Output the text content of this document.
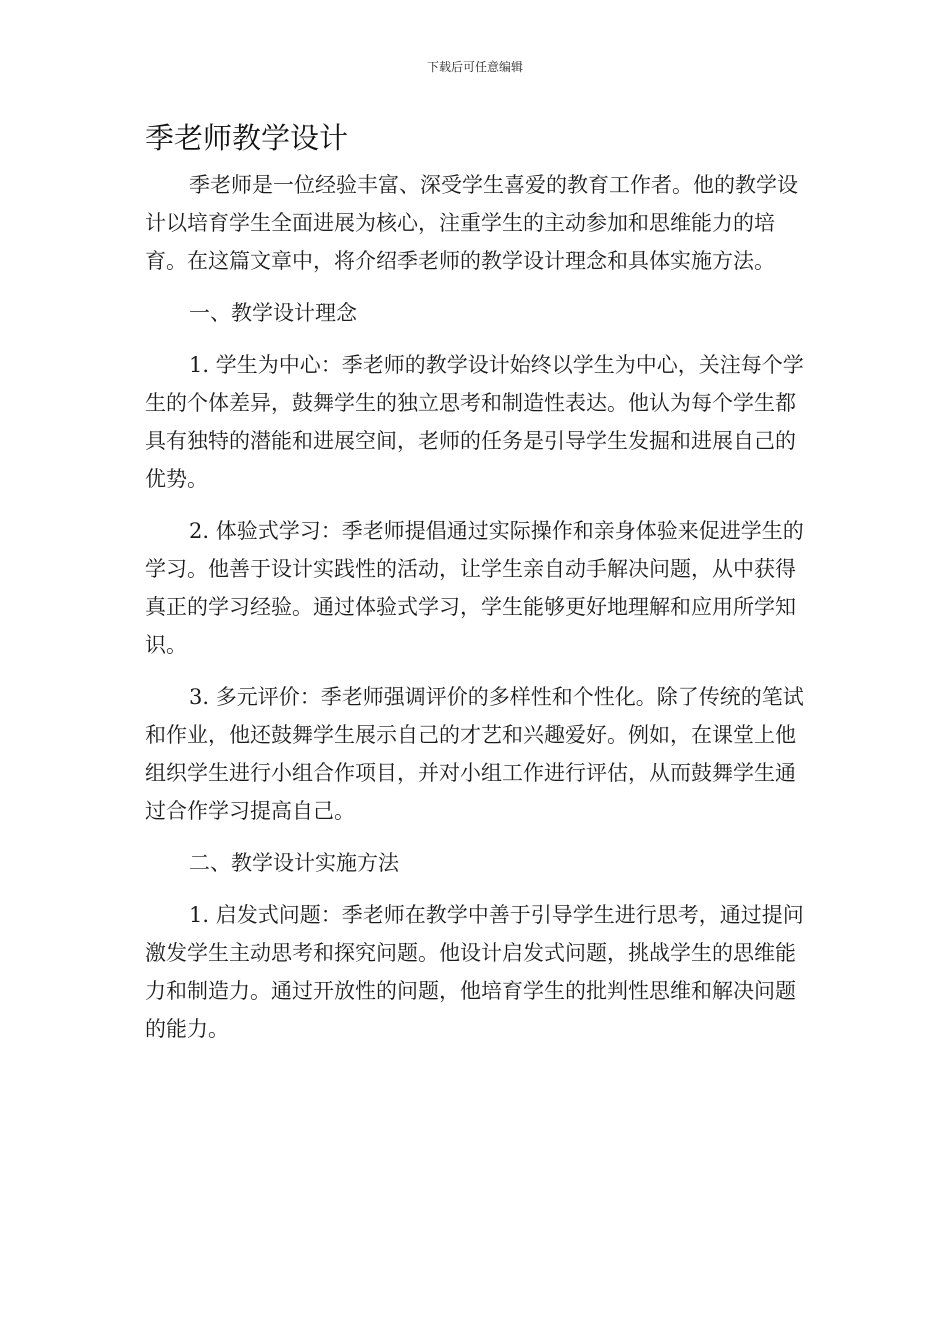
下载后可任意编辑
季老师教学设计

季老师是一位经验丰富、深受学生喜爱的教育工作者。他的教学设计以培育学生全面进展为核心，注重学生的主动参加和思维能力的培育。在这篇文章中，将介绍季老师的教学设计理念和具体实施方法。

一、教学设计理念

1. 学生为中心：季老师的教学设计始终以学生为中心，关注每个学生的个体差异，鼓舞学生的独立思考和制造性表达。他认为每个学生都具有独特的潜能和进展空间，老师的任务是引导学生发掘和进展自己的优势。

2. 体验式学习：季老师提倡通过实际操作和亲身体验来促进学生的学习。他善于设计实践性的活动，让学生亲自动手解决问题，从中获得真正的学习经验。通过体验式学习，学生能够更好地理解和应用所学知识。

3. 多元评价：季老师强调评价的多样性和个性化。除了传统的笔试和作业，他还鼓舞学生展示自己的才艺和兴趣爱好。例如，在课堂上他组织学生进行小组合作项目，并对小组工作进行评估，从而鼓舞学生通过合作学习提高自己。

二、教学设计实施方法

1. 启发式问题：季老师在教学中善于引导学生进行思考，通过提问激发学生主动思考和探究问题。他设计启发式问题，挑战学生的思维能力和制造力。通过开放性的问题，他培育学生的批判性思维和解决问题的能力。
